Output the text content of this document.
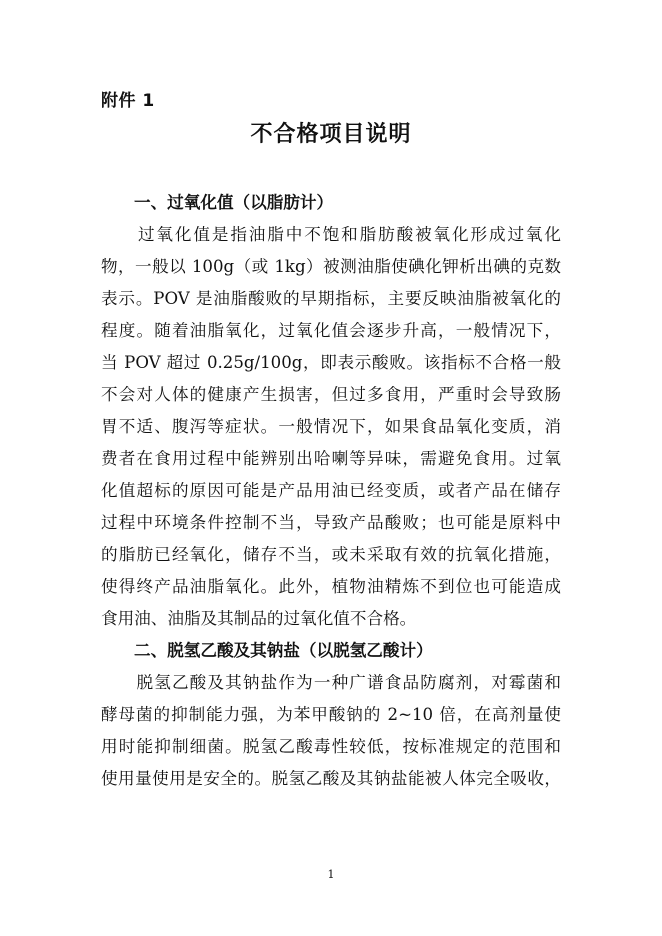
附件 1
不合格项目说明
一、过氧化值（以脂肪计）
　　过氧化值是指油脂中不饱和脂肪酸被氧化形成过氧化
物，一般以 100g（或 1kg）被测油脂使碘化钾析出碘的克数
表示。POV 是油脂酸败的早期指标，主要反映油脂被氧化的
程度。随着油脂氧化，过氧化值会逐步升高，一般情况下，
当 POV 超过 0.25g/100g，即表示酸败。该指标不合格一般
不会对人体的健康产生损害，但过多食用，严重时会导致肠
胃不适、腹泻等症状。一般情况下，如果食品氧化变质，消
费者在食用过程中能辨别出哈喇等异味，需避免食用。过氧
化值超标的原因可能是产品用油已经变质，或者产品在储存
过程中环境条件控制不当，导致产品酸败；也可能是原料中
的脂肪已经氧化，储存不当，或未采取有效的抗氧化措施，
使得终产品油脂氧化。此外，植物油精炼不到位也可能造成
食用油、油脂及其制品的过氧化值不合格。
二、脱氢乙酸及其钠盐（以脱氢乙酸计）
　　脱氢乙酸及其钠盐作为一种广谱食品防腐剂，对霉菌和
酵母菌的抑制能力强，为苯甲酸钠的 2~10 倍，在高剂量使
用时能抑制细菌。脱氢乙酸毒性较低，按标准规定的范围和
使用量使用是安全的。脱氢乙酸及其钠盐能被人体完全吸收，
1
